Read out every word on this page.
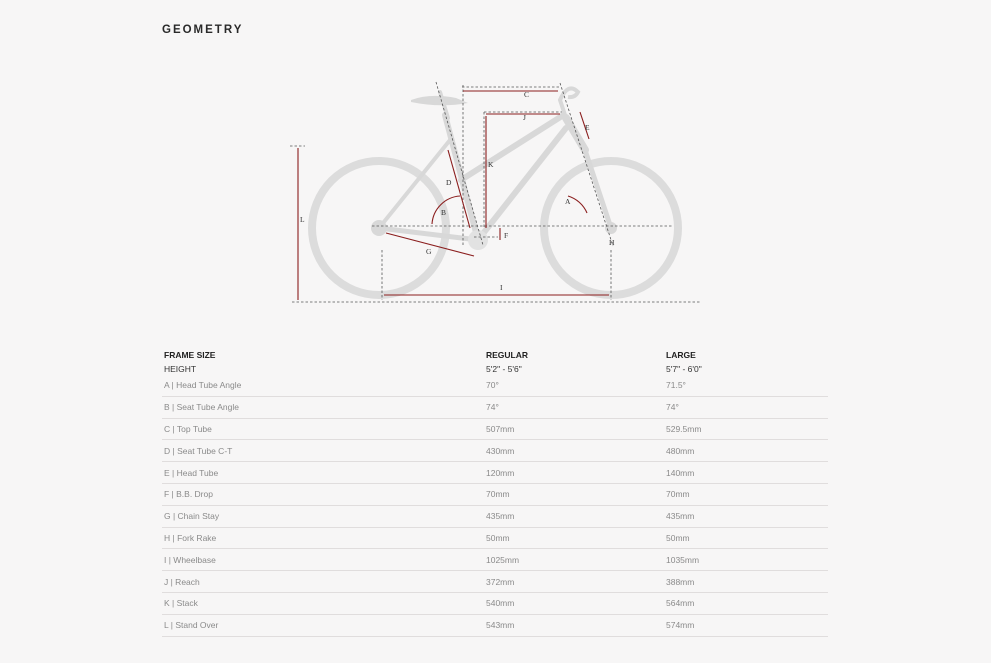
GEOMETRY
A
B
C
D
E
F
G
H
I
J
K
L
FRAME SIZE	REGULAR	LARGE
HEIGHT	5'2" - 5'6"	5'7" - 6'0"
A | Head Tube Angle	70°	71.5°
B | Seat Tube Angle	74°	74°
C | Top Tube	507mm	529.5mm
D | Seat Tube C-T	430mm	480mm
E | Head Tube	120mm	140mm
F | B.B. Drop	70mm	70mm
G | Chain Stay	435mm	435mm
H | Fork Rake	50mm	50mm
I | Wheelbase	1025mm	1035mm
J | Reach	372mm	388mm
K | Stack	540mm	564mm
L | Stand Over	543mm	574mm
